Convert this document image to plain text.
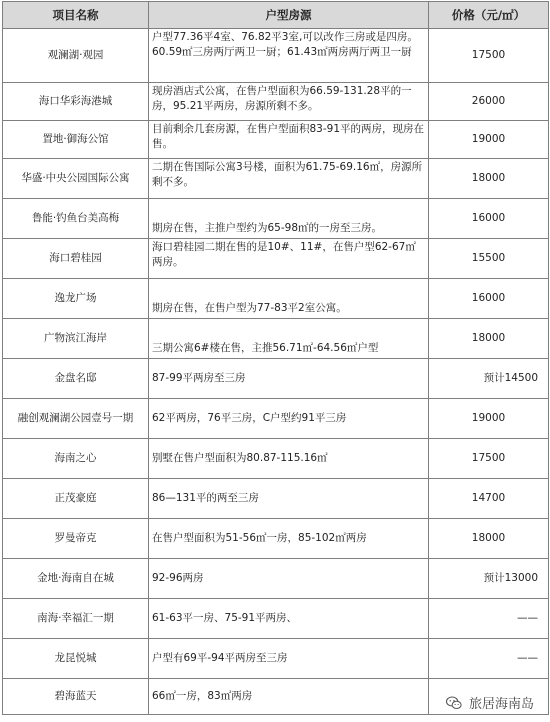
项目名称	户型房源	价格（元/㎡）
观澜湖·观园	户型77.36平4室、76.82平3室,可以改作三房或是四房。60.59㎡三房两厅两卫一厨；61.43㎡两房两厅两卫一厨	17500
海口华彩海港城	现房酒店式公寓，在售户型面积为66.59-131.28平的一房，95.21平两房，房源所剩不多。	26000
置地·御海公馆	目前剩余几套房源，在售户型面积83-91平的两房，现房在售。	19000
华盛·中央公园国际公寓	二期在售国际公寓3号楼，面积为61.75-69.16㎡，房源所剩不多。	18000
鲁能·钓鱼台美高梅	期房在售，主推户型约为65-98㎡的一房至三房。	16000
海口碧桂园	海口碧桂园二期在售的是10#、11#，在售户型62-67㎡两房。	15500
逸龙广场	期房在售，在售户型为77-83平2室公寓。	16000
广物滨江海岸	三期公寓6#楼在售，主推56.71㎡-64.56㎡户型	18000
金盘名邸	87-99平两房至三房	预计14500
融创观澜湖公园壹号一期	62平两房，76平三房，C户型约91平三房	19000
海南之心	别墅在售户型面积为80.87-115.16㎡	17500
正茂豪庭	86—131平的两至三房	14700
罗曼帝克	在售户型面积为51-56㎡一房，85-102㎡两房	18000
金地·海南自在城	92-96两房	预计13000
南海·幸福汇一期	61-63平一房、75-91平两房、	——
龙昆悦城	户型有69平-94平两房至三房	——
碧海蓝天	66㎡一房，83㎡两房	
旅居海南岛
